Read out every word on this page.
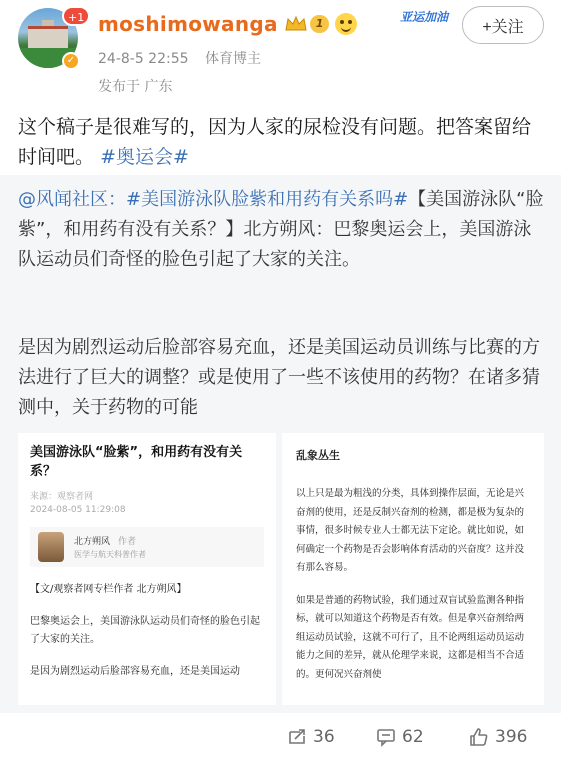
+1
✓
moshimowanga	1	亚运加油
+关注
24-8-5 22:55 体育博主
发布于 广东
这个稿子是很难写的，因为人家的尿检没有问题。把答案留给时间吧。 #奥运会#
@风闻社区：#美国游泳队脸紫和用药有关系吗#【美国游泳队“脸紫”，和用药有没有关系？】北方朔风：巴黎奥运会上，美国游泳队运动员们奇怪的脸色引起了大家的关注。
是因为剧烈运动后脸部容易充血，还是美国运动员训练与比赛的方法进行了巨大的调整？或是使用了一些不该使用的药物？在诸多猜测中，关于药物的可能
美国游泳队“脸紫”，和用药有没有关系？
来源：观察者网
2024-08-05 11:29:08
北方朔风 作者
医学与航天科普作者
【文/观察者网专栏作者 北方朔风】
巴黎奥运会上，美国游泳队运动员们奇怪的脸色引起了大家的关注。
是因为剧烈运动后脸部容易充血，还是美国运动
乱象丛生
以上只是最为粗浅的分类，具体到操作层面，无论是兴奋剂的使用，还是反制兴奋剂的检测，都是极为复杂的事情，很多时候专业人士都无法下定论。就比如说，如何确定一个药物是否会影响体育活动的兴奋度？这并没有那么容易。
如果是普通的药物试验，我们通过双盲试验监测各种指标，就可以知道这个药物是否有效。但是拿兴奋剂给两组运动员试验，这就不可行了，且不论两组运动员运动能力之间的差异，就从伦理学来说，这都是相当不合适的。更何况兴奋剂使
36	62	396
